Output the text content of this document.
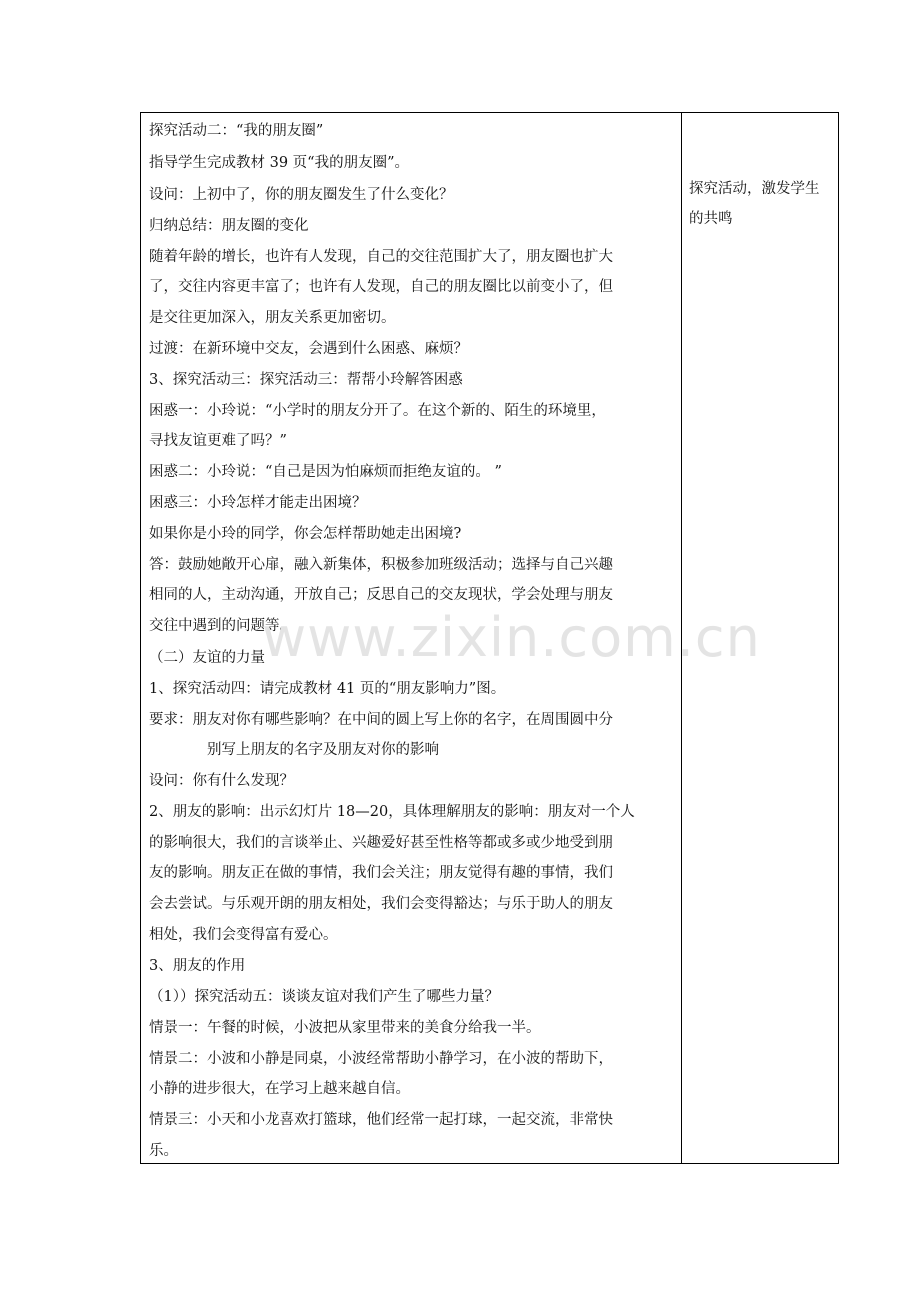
探究活动二：“我的朋友圈”
指导学生完成教材 39 页“我的朋友圈”。
设问：上初中了，你的朋友圈发生了什么变化？
归纳总结：朋友圈的变化
随着年龄的增长，也许有人发现，自己的交往范围扩大了，朋友圈也扩大
了，交往内容更丰富了；也许有人发现，自己的朋友圈比以前变小了，但
是交往更加深入，朋友关系更加密切。
过渡：在新环境中交友，会遇到什么困惑、麻烦？
3、探究活动三：探究活动三：帮帮小玲解答困惑
困惑一：小玲说：“小学时的朋友分开了。在这个新的、陌生的环境里，
寻找友谊更难了吗？”
困惑二：小玲说：“自己是因为怕麻烦而拒绝友谊的。 ”
困惑三：小玲怎样才能走出困境？
如果你是小玲的同学，你会怎样帮助她走出困境?
答：鼓励她敞开心扉，融入新集体，积极参加班级活动；选择与自己兴趣
相同的人，主动沟通，开放自己；反思自己的交友现状，学会处理与朋友
交往中遇到的问题等。
（二）友谊的力量
1、探究活动四：请完成教材 41 页的“朋友影响力”图。
要求：朋友对你有哪些影响？在中间的圆上写上你的名字，在周围圆中分
别写上朋友的名字及朋友对你的影响
设问：你有什么发现？
2、朋友的影响：出示幻灯片 18—20，具体理解朋友的影响：朋友对一个人
的影响很大，我们的言谈举止、兴趣爱好甚至性格等都或多或少地受到朋
友的影响。朋友正在做的事情，我们会关注；朋友觉得有趣的事情，我们
会去尝试。与乐观开朗的朋友相处，我们会变得豁达；与乐于助人的朋友
相处，我们会变得富有爱心。
3、朋友的作用
（1））探究活动五：谈谈友谊对我们产生了哪些力量？
情景一：午餐的时候，小波把从家里带来的美食分给我一半。
情景二：小波和小静是同桌，小波经常帮助小静学习，在小波的帮助下，
小静的进步很大，在学习上越来越自信。
情景三：小天和小龙喜欢打篮球，他们经常一起打球，一起交流，非常快
乐。
探究活动，激发学生
的共鸣
www.zixin.com.cn
